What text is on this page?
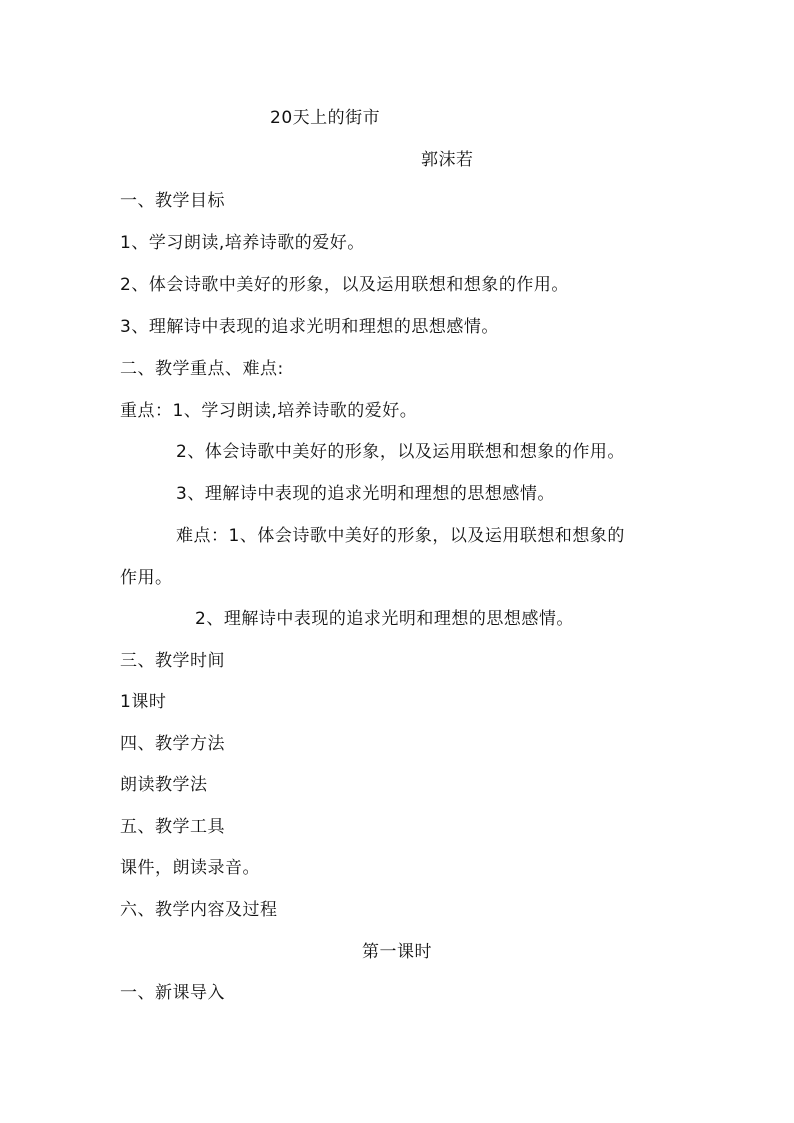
20天上的街市
郭沫若
一、教学目标
1、学习朗读,培养诗歌的爱好。
2、体会诗歌中美好的形象，以及运用联想和想象的作用。
3、理解诗中表现的追求光明和理想的思想感情。
二、教学重点、难点:
重点：1、学习朗读,培养诗歌的爱好。
2、体会诗歌中美好的形象，以及运用联想和想象的作用。
3、理解诗中表现的追求光明和理想的思想感情。
难点：1、体会诗歌中美好的形象，以及运用联想和想象的
作用。
2、理解诗中表现的追求光明和理想的思想感情。
三、教学时间
1课时
四、教学方法
朗读教学法
五、教学工具
课件，朗读录音。
六、教学内容及过程
第一课时
一、新课导入
